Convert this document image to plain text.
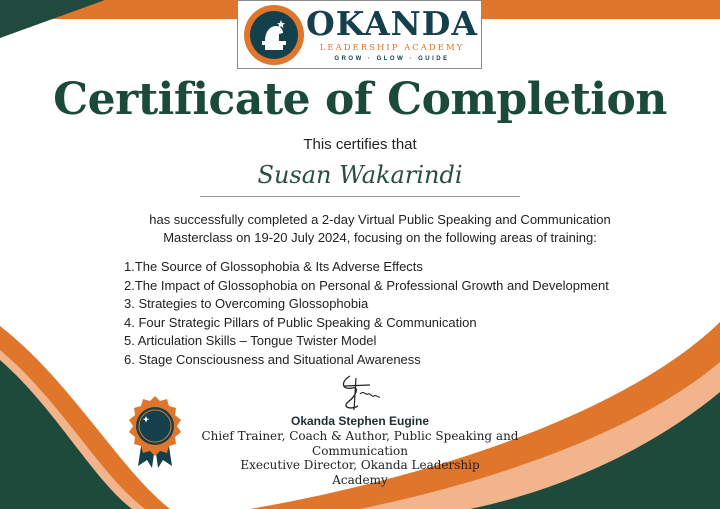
OKANDA
LEADERSHIP ACADEMY
GROW · GLOW · GUIDE
Certificate of Completion
This certifies that
Susan Wakarindi
has successfully completed a 2-day Virtual Public Speaking and Communication
Masterclass on 19-20 July 2024, focusing on the following areas of training:
1.The Source of Glossophobia & Its Adverse Effects
2.The Impact of Glossophobia on Personal & Professional Growth and Development
3. Strategies to Overcoming Glossophobia
4. Four Strategic Pillars of Public Speaking & Communication
5. Articulation Skills – Tongue Twister Model
6. Stage Consciousness and Situational Awareness
Okanda Stephen Eugine
Chief Trainer, Coach & Author, Public Speaking and
Communication
Executive Director, Okanda Leadership
Academy
